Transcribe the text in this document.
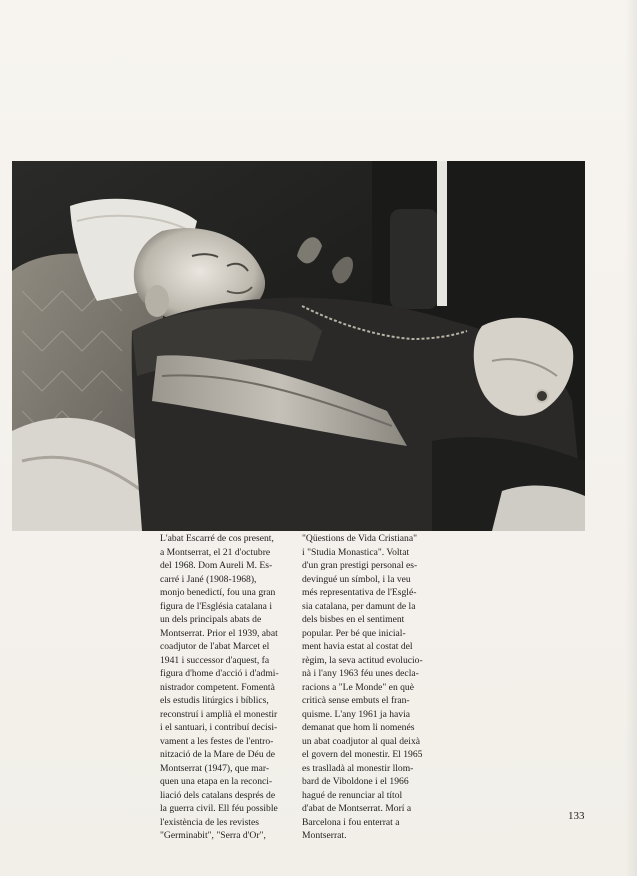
L'abat Escarré de cos present,
a Montserrat, el 21 d'octubre
del 1968. Dom Aureli M. Es-
carré i Jané (1908-1968),
monjo benedictí, fou una gran
figura de l'Església catalana i
un dels principals abats de
Montserrat. Prior el 1939, abat
coadjutor de l'abat Marcet el
1941 i successor d'aquest, fa
figura d'home d'acció i d'admi-
nistrador competent. Fomentà
els estudis litúrgics i bíblics,
reconstruí i amplià el monestir
i el santuari, i contribuí decisi-
vament a les festes de l'entro-
nització de la Mare de Déu de
Montserrat (1947), que mar-
quen una etapa en la reconci-
liació dels catalans després de
la guerra civil. Ell féu possible
l'existència de les revistes
"Germinabit", "Serra d'Or",
"Qüestions de Vida Cristiana"
i "Studia Monastica". Voltat
d'un gran prestigi personal es-
devingué un símbol, i la veu
més representativa de l'Esglé-
sia catalana, per damunt de la
dels bisbes en el sentiment
popular. Per bé que inicial-
ment havia estat al costat del
règim, la seva actitud evolucio-
nà i l'any 1963 féu unes decla-
racions a "Le Monde" en què
criticà sense embuts el fran-
quisme. L'any 1961 ja havia
demanat que hom li nomenés
un abat coadjutor al qual deixà
el govern del monestir. El 1965
es traslladà al monestir llom-
bard de Viboldone i el 1966
hagué de renunciar al títol
d'abat de Montserrat. Morí a
Barcelona i fou enterrat a
Montserrat.
133
